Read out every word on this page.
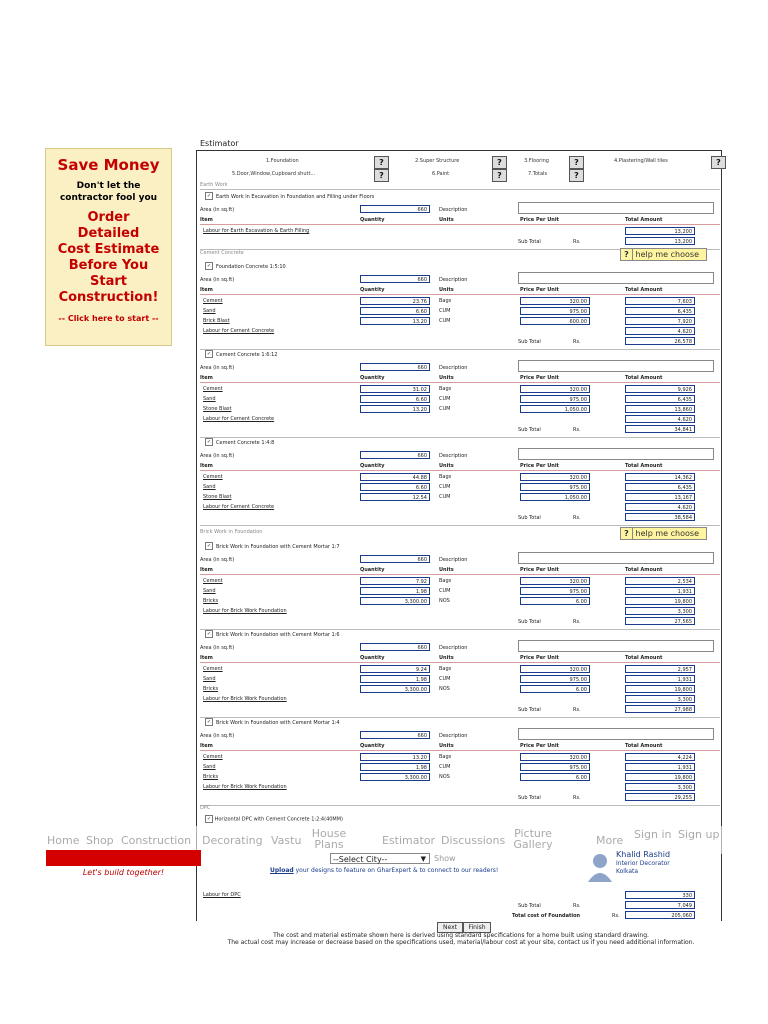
Save Money
Don't let the
contractor fool you
Order
Detailed
Cost Estimate
Before You
Start
Construction!
-- Click here to start --
Estimator
1.Foundation	?	2.Super Structure	?	3.Flooring	?	4.Plastering/Wall tiles	?
5.Door,Window,Cupboard shutt...	?	6.Paint	?	7.Totals	?
Earth Work
✓ Earth Work in Excavation in Foundation and Filling under Floors
Area (in sq.ft)	660	Description
Item	Quantity	Units	Price Per Unit	Total Amount
Labour for Earth Excavation & Earth Filling	13,200
Sub Total	Rs.	13,200
✓ Foundation Concrete 1:5:10
Area (in sq.ft)	660	Description
Item	Quantity	Units	Price Per Unit	Total Amount
Cement	23.76	Bags	320.00	7,603
Sand	6.60	CUM	975.00	6,435
Brick Blast	13.20	CUM	600.00	7,920
Labour for Cement Concrete	4,620
Sub Total	Rs.	26,578
✓ Cement Concrete 1:6:12
Area (in sq.ft)	660	Description
Item	Quantity	Units	Price Per Unit	Total Amount
Cement	31.02	Bags	320.00	9,926
Sand	6.60	CUM	975.00	6,435
Stone Blast	13.20	CUM	1,050.00	13,860
Labour for Cement Concrete	4,620
Sub Total	Rs.	34,841
✓ Cement Concrete 1:4:8
Area (in sq.ft)	660	Description
Item	Quantity	Units	Price Per Unit	Total Amount
Cement	44.88	Bags	320.00	14,362
Sand	6.60	CUM	975.00	6,435
Stone Blast	12.54	CUM	1,050.00	13,167
Labour for Cement Concrete	4,620
Sub Total	Rs.	38,584
✓ Brick Work in Foundation with Cement Mortar 1:7
Area (in sq.ft)	660	Description
Item	Quantity	Units	Price Per Unit	Total Amount
Cement	7.92	Bags	320.00	2,534
Sand	1.98	CUM	975.00	1,931
Bricks	3,300.00	NOS	6.00	19,800
Labour for Brick Work Foundation	3,300
Sub Total	Rs.	27,565
✓ Brick Work in Foundation with Cement Mortar 1:6
Area (in sq.ft)	660	Description
Item	Quantity	Units	Price Per Unit	Total Amount
Cement	9.24	Bags	320.00	2,957
Sand	1.98	CUM	975.00	1,931
Bricks	3,300.00	NOS	6.00	19,800
Labour for Brick Work Foundation	3,300
Sub Total	Rs.	27,988
✓ Brick Work in Foundation with Cement Mortar 1:4
Area (in sq.ft)	660	Description
Item	Quantity	Units	Price Per Unit	Total Amount
Cement	13.20	Bags	320.00	4,224
Sand	1.98	CUM	975.00	1,931
Bricks	3,300.00	NOS	6.00	19,800
Labour for Brick Work Foundation	3,300
Sub Total	Rs.	29,255
Cement Concrete	? help me choose
Brick Work in Foundation	? help me choose
DPC
✓ Horizontal DPC with Cement Concrete 1:2:4(40MM)
Labour for DPC	330
Sub Total	Rs.	7,049
Total cost of Foundation	Rs.	205,060
Next	Finish
The cost and material estimate shown here is derived using standard specifications for a home built using standard drawing.
The actual cost may increase or decrease based on the specifications used, material/labour cost at your site, contact us if you need additional information.
Home Shop Construction Decorating Vastu
House Plans	Estimator Discussions
Picture Gallery	More Sign in Sign up
Let's build together!
--Select City--	▼ Show
Upload your designs to feature on GharExpert & to connect to our readers!
Khalid Rashid
Interior Decorator
Kolkata
